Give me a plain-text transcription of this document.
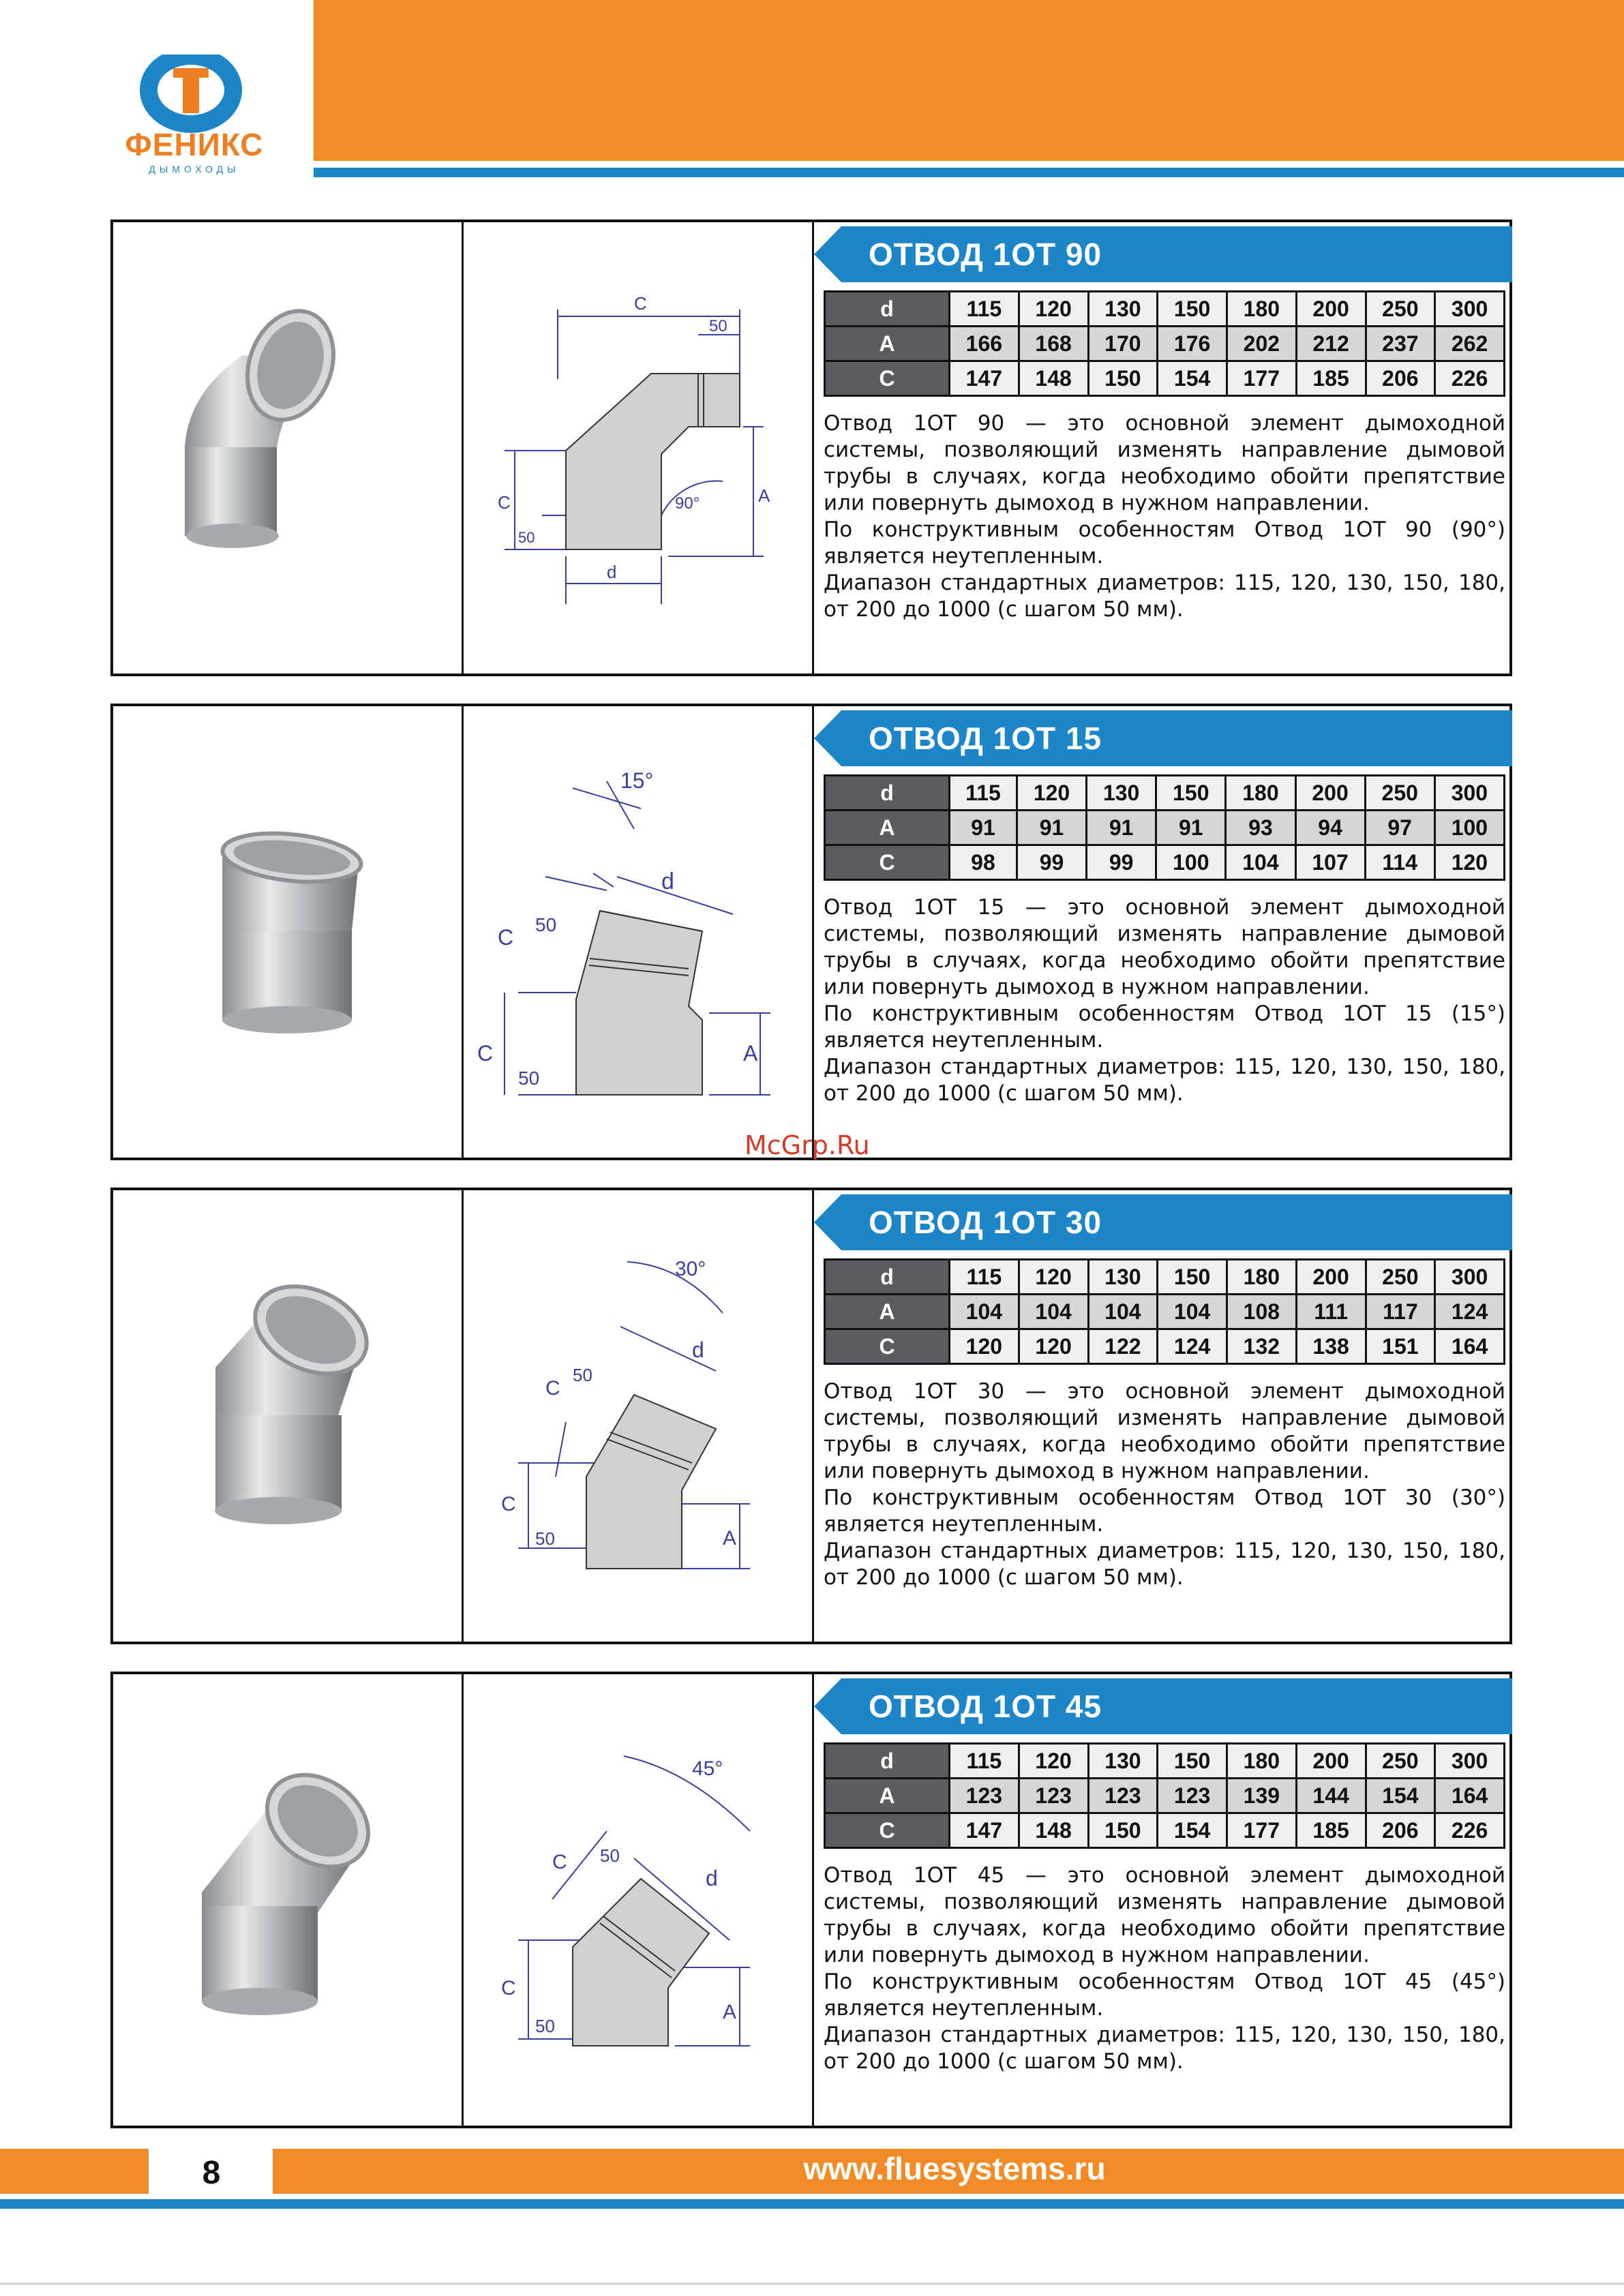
ФЕНИКС
ДЫМОХОДЫ
C
50
C
50
d
A
90°
ОТВОД 1ОТ 90
d	115	120	130	150	180	200	250	300
A	166	168	170	176	202	212	237	262
C	147	148	150	154	177	185	206	226

Отвод 1ОТ 90 — это основной элемент дымоходной системы, позволяющий изменять направление дымовой трубы в случаях, когда необходимо обойти препятствие или повернуть дымоход в нужном направлении.

По конструктивным особенностям Отвод 1ОТ 90 (90°) является неутепленным.

Диапазон стандартных диаметров: 115, 120, 130, 150, 180, от 200 до 1000 (с шагом 50 мм).

15°
d
C
50
C
50
A
ОТВОД 1ОТ 15
d	115	120	130	150	180	200	250	300
A	91	91	91	91	93	94	97	100
C	98	99	99	100	104	107	114	120

Отвод 1ОТ 15 — это основной элемент дымоходной системы, позволяющий изменять направление дымовой трубы в случаях, когда необходимо обойти препятствие или повернуть дымоход в нужном направлении.

По конструктивным особенностям Отвод 1ОТ 15 (15°) является неутепленным.

Диапазон стандартных диаметров: 115, 120, 130, 150, 180, от 200 до 1000 (с шагом 50 мм).

McGrp.Ru
30°
d
C
50
C
50	A
ОТВОД 1ОТ 30
d	115	120	130	150	180	200	250	300
A	104	104	104	104	108	111	117	124
C	120	120	122	124	132	138	151	164

Отвод 1ОТ 30 — это основной элемент дымоходной системы, позволяющий изменять направление дымовой трубы в случаях, когда необходимо обойти препятствие или повернуть дымоход в нужном направлении.

По конструктивным особенностям Отвод 1ОТ 30 (30°) является неутепленным.

Диапазон стандартных диаметров: 115, 120, 130, 150, 180, от 200 до 1000 (с шагом 50 мм).

45°
d
C 50
C
50
A
ОТВОД 1ОТ 45
d	115	120	130	150	180	200	250	300
A	123	123	123	123	139	144	154	164
C	147	148	150	154	177	185	206	226

Отвод 1ОТ 45 — это основной элемент дымоходной системы, позволяющий изменять направление дымовой трубы в случаях, когда необходимо обойти препятствие или повернуть дымоход в нужном направлении.

По конструктивным особенностям Отвод 1ОТ 45 (45°) является неутепленным.

Диапазон стандартных диаметров: 115, 120, 130, 150, 180, от 200 до 1000 (с шагом 50 мм).

8	www.fluesystems.ru
